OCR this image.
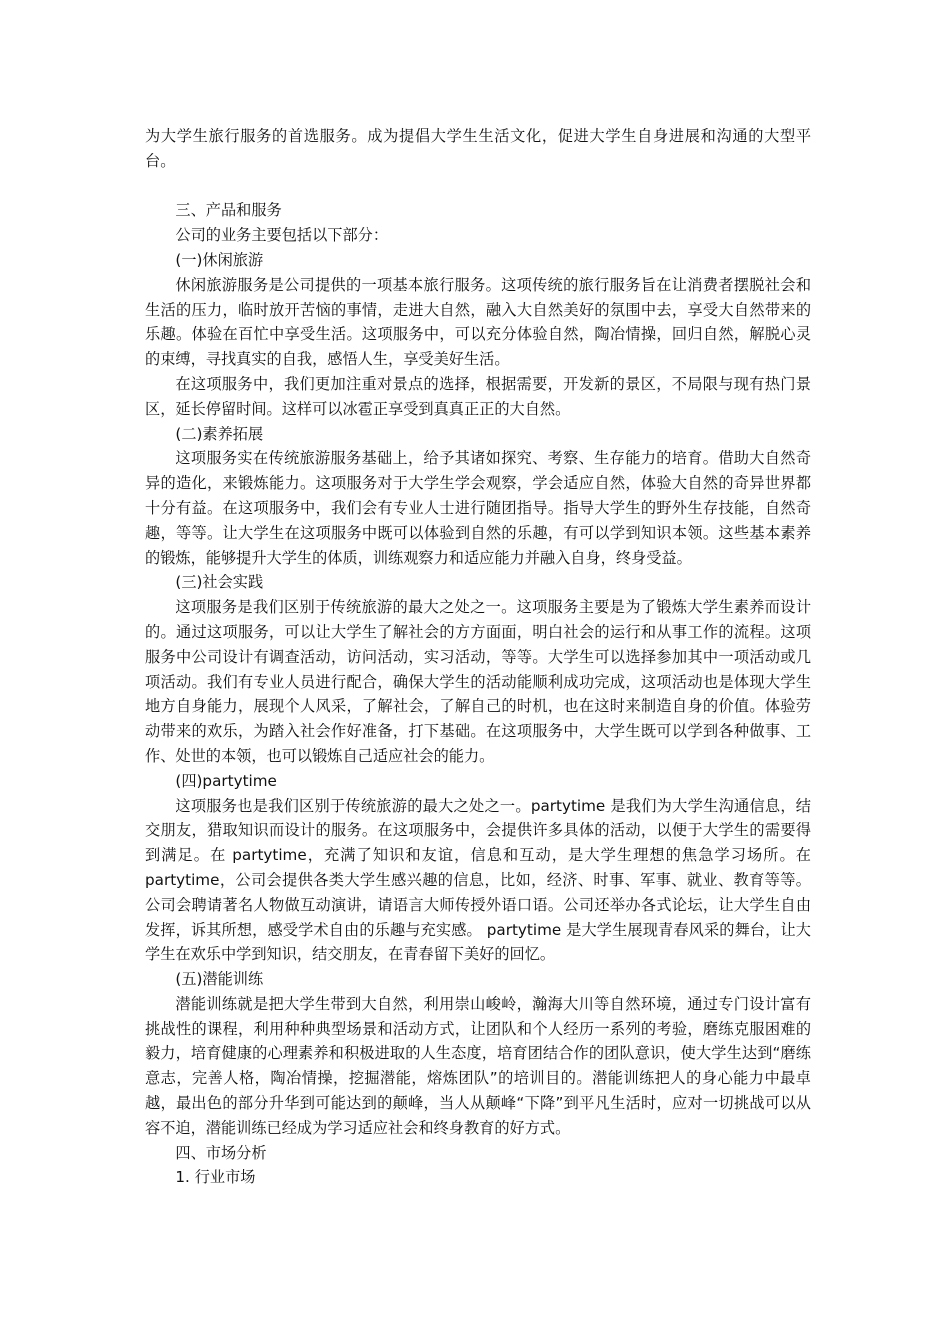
为大学生旅行服务的首选服务。成为提倡大学生生活文化，促进大学生自身进展和沟通的大型平台。

三、产品和服务

公司的业务主要包括以下部分：

(一)休闲旅游

休闲旅游服务是公司提供的一项基本旅行服务。这项传统的旅行服务旨在让消费者摆脱社会和生活的压力，临时放开苦恼的事情，走进大自然，融入大自然美好的氛围中去，享受大自然带来的乐趣。体验在百忙中享受生活。这项服务中，可以充分体验自然，陶冶情操，回归自然，解脱心灵的束缚，寻找真实的自我，感悟人生，享受美好生活。

在这项服务中，我们更加注重对景点的选择，根据需要，开发新的景区，不局限与现有热门景区，延长停留时间。这样可以冰雹正享受到真真正正的大自然。

(二)素养拓展

这项服务实在传统旅游服务基础上，给予其诸如探究、考察、生存能力的培育。借助大自然奇异的造化，来锻炼能力。这项服务对于大学生学会观察，学会适应自然，体验大自然的奇异世界都十分有益。在这项服务中，我们会有专业人士进行随团指导。指导大学生的野外生存技能，自然奇趣，等等。让大学生在这项服务中既可以体验到自然的乐趣，有可以学到知识本领。这些基本素养的锻炼，能够提升大学生的体质，训练观察力和适应能力并融入自身，终身受益。

(三)社会实践

这项服务是我们区别于传统旅游的最大之处之一。这项服务主要是为了锻炼大学生素养而设计的。通过这项服务，可以让大学生了解社会的方方面面，明白社会的运行和从事工作的流程。这项服务中公司设计有调查活动，访问活动，实习活动，等等。大学生可以选择参加其中一项活动或几项活动。我们有专业人员进行配合，确保大学生的活动能顺利成功完成，这项活动也是体现大学生地方自身能力，展现个人风采，了解社会，了解自己的时机，也在这时来制造自身的价值。体验劳动带来的欢乐，为踏入社会作好准备，打下基础。在这项服务中，大学生既可以学到各种做事、工作、处世的本领，也可以锻炼自己适应社会的能力。

(四)partytime

这项服务也是我们区别于传统旅游的最大之处之一。partytime 是我们为大学生沟通信息，结交朋友，猎取知识而设计的服务。在这项服务中，会提供许多具体的活动，以便于大学生的需要得到满足。在 partytime，充满了知识和友谊，信息和互动，是大学生理想的焦急学习场所。在 partytime，公司会提供各类大学生感兴趣的信息，比如，经济、时事、军事、就业、教育等等。公司会聘请著名人物做互动演讲，请语言大师传授外语口语。公司还举办各式论坛，让大学生自由发挥，诉其所想，感受学术自由的乐趣与充实感。 partytime 是大学生展现青春风采的舞台，让大学生在欢乐中学到知识，结交朋友，在青春留下美好的回忆。

(五)潜能训练

潜能训练就是把大学生带到大自然，利用崇山峻岭，瀚海大川等自然环境，通过专门设计富有挑战性的课程，利用种种典型场景和活动方式，让团队和个人经历一系列的考验，磨练克服困难的毅力，培育健康的心理素养和积极进取的人生态度，培育团结合作的团队意识，使大学生达到“磨练意志，完善人格，陶冶情操，挖掘潜能，熔炼团队”的培训目的。潜能训练把人的身心能力中最卓越，最出色的部分升华到可能达到的颠峰，当人从颠峰“下降”到平凡生活时，应对一切挑战可以从容不迫，潜能训练已经成为学习适应社会和终身教育的好方式。

四、市场分析

1. 行业市场
